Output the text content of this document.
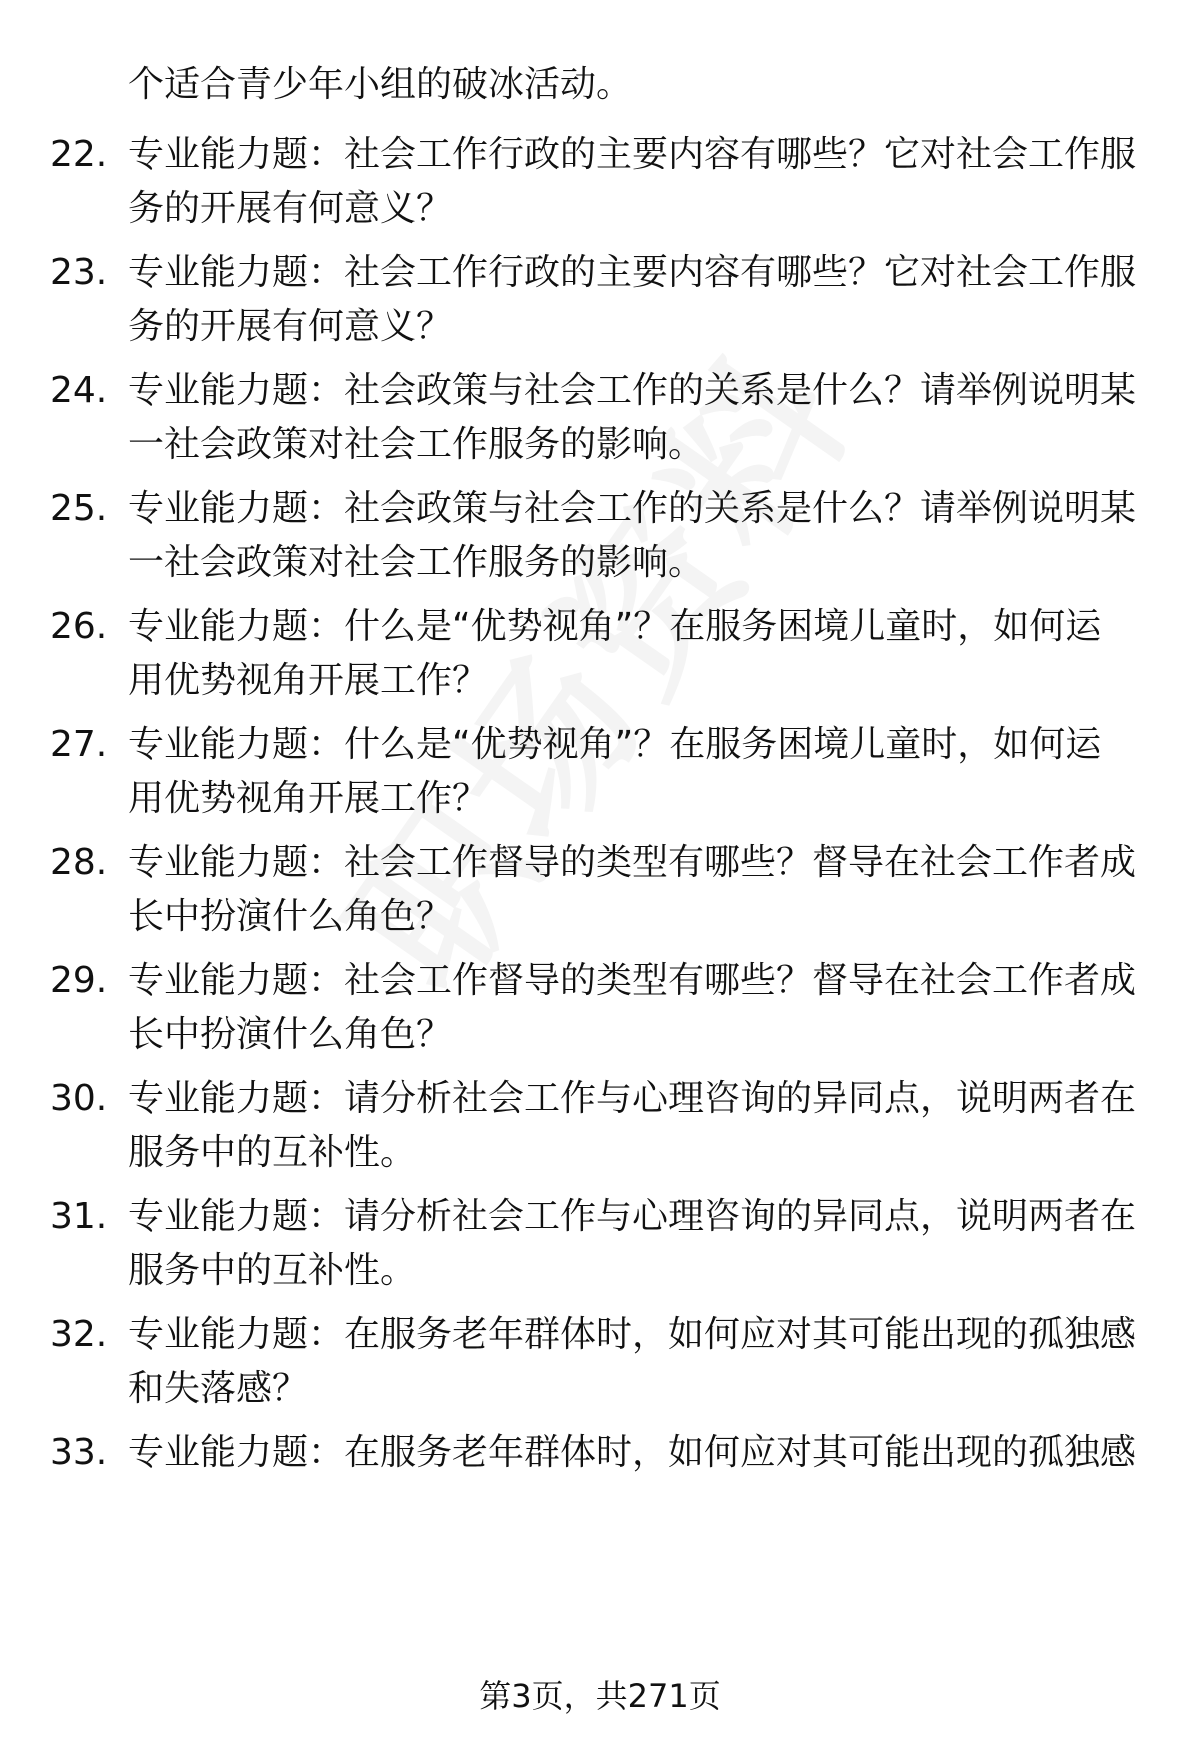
个适合青少年小组的破冰活动。
22. 专业能力题：社会工作行政的主要内容有哪些？它对社会工作服
务的开展有何意义？
23. 专业能力题：社会工作行政的主要内容有哪些？它对社会工作服
务的开展有何意义？
24. 专业能力题：社会政策与社会工作的关系是什么？请举例说明某
一社会政策对社会工作服务的影响。
25. 专业能力题：社会政策与社会工作的关系是什么？请举例说明某
一社会政策对社会工作服务的影响。
26. 专业能力题：什么是“优势视角”？在服务困境儿童时，如何运
用优势视角开展工作？
27. 专业能力题：什么是“优势视角”？在服务困境儿童时，如何运
用优势视角开展工作？
28. 专业能力题：社会工作督导的类型有哪些？督导在社会工作者成
长中扮演什么角色？
29. 专业能力题：社会工作督导的类型有哪些？督导在社会工作者成
长中扮演什么角色？
30. 专业能力题：请分析社会工作与心理咨询的异同点，说明两者在
服务中的互补性。
31. 专业能力题：请分析社会工作与心理咨询的异同点，说明两者在
服务中的互补性。
32. 专业能力题：在服务老年群体时，如何应对其可能出现的孤独感
和失落感？
33. 专业能力题：在服务老年群体时，如何应对其可能出现的孤独感
第3页，共271页
